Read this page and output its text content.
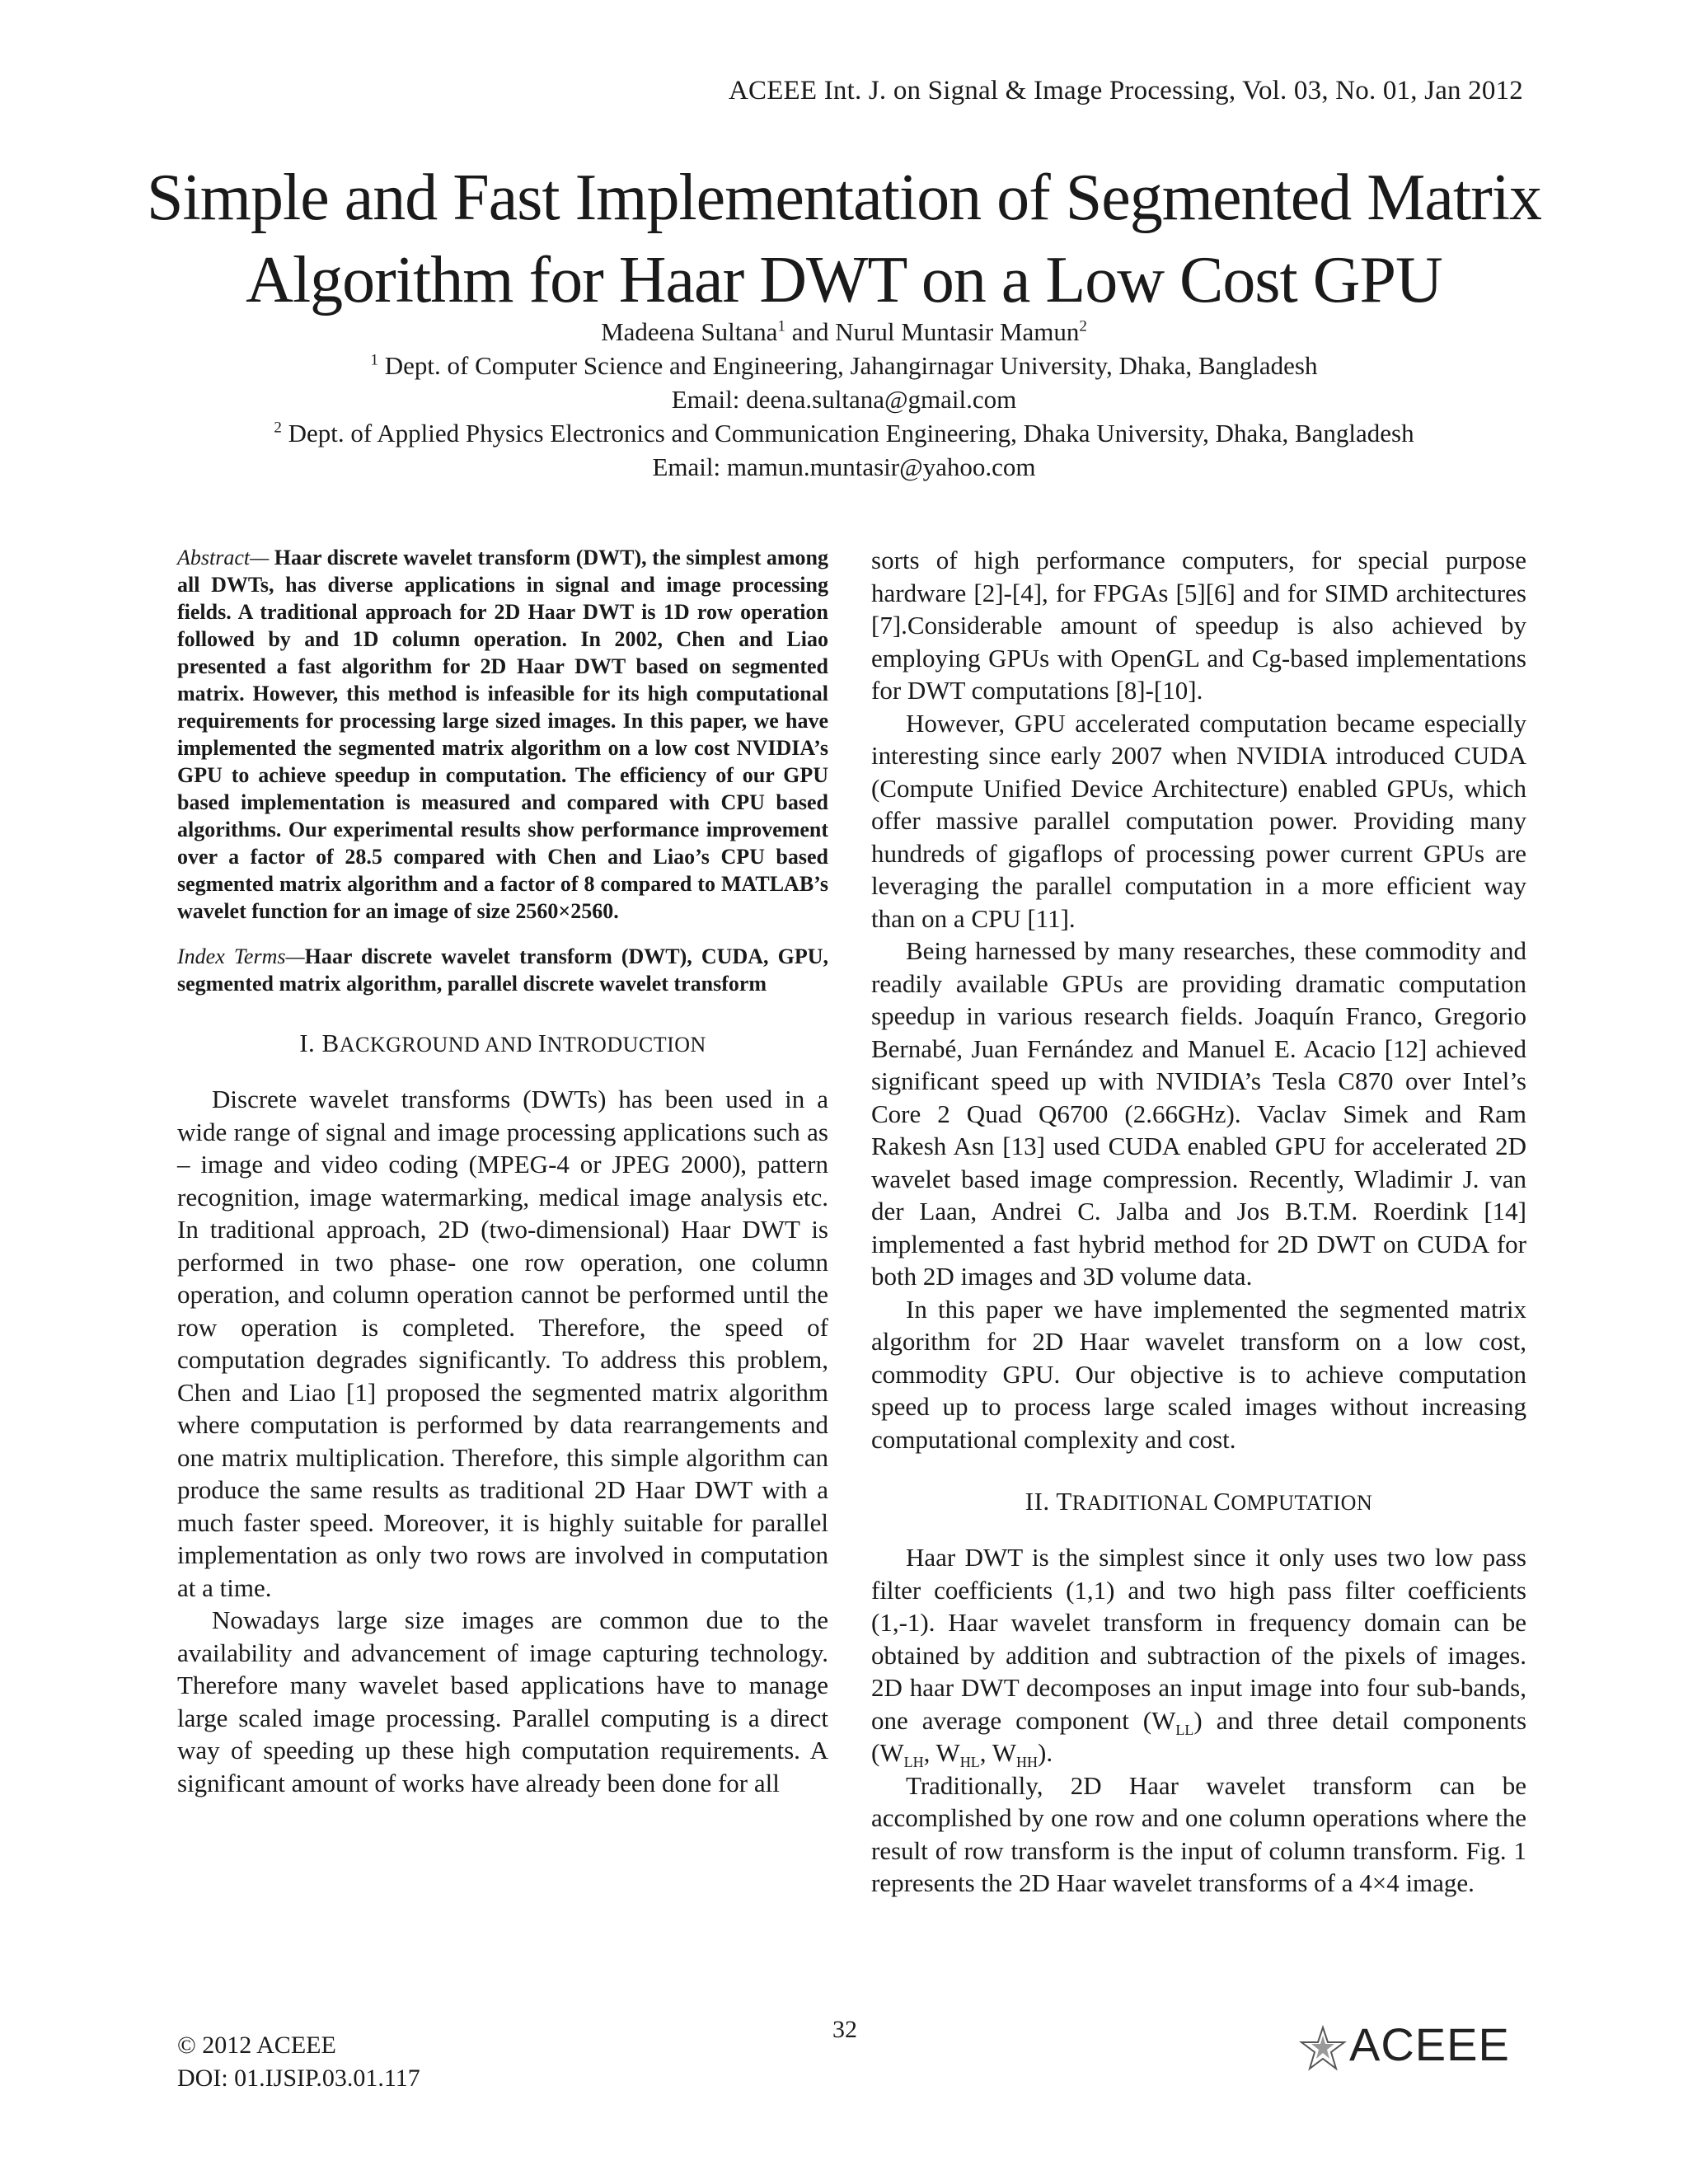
ACEEE Int. J. on Signal & Image Processing, Vol. 03, No. 01, Jan 2012
Simple and Fast Implementation of Segmented Matrix
Algorithm for Haar DWT on a Low Cost GPU
Madeena Sultana$^1$ and Nurul Muntasir Mamun$^2$
$^1$ Dept. of Computer Science and Engineering, Jahangirnagar University, Dhaka, Bangladesh
Email: deena.sultana@gmail.com
$^2$ Dept. of Applied Physics Electronics and Communication Engineering, Dhaka University, Dhaka, Bangladesh
Email: mamun.muntasir@yahoo.com
Abstract— Haar discrete wavelet transform (DWT), the simplest among all DWTs, has diverse applications in signal and image processing fields. A traditional approach for 2D Haar DWT is 1D row operation followed by and 1D column operation. In 2002, Chen and Liao presented a fast algorithm for 2D Haar DWT based on segmented matrix. However, this method is infeasible for its high computational requirements for processing large sized images. In this paper, we have implemented the segmented matrix algorithm on a low cost NVIDIA’s GPU to achieve speedup in computation. The efficiency of our GPU based implementation is measured and compared with CPU based algorithms. Our experimental results show performance improvement over a factor of 28.5 compared with Chen and Liao’s CPU based segmented matrix algorithm and a factor of 8 compared to MATLAB’s wavelet function for an image of size 2560×2560.
Index Terms—Haar discrete wavelet transform (DWT), CUDA, GPU, segmented matrix algorithm, parallel discrete wavelet transform
I. BACKGROUND AND INTRODUCTION

Discrete wavelet transforms (DWTs) has been used in a wide range of signal and image processing applications such as – image and video coding (MPEG-4 or JPEG 2000), pattern recognition, image watermarking, medical image analysis etc. In traditional approach, 2D (two-dimensional) Haar DWT is performed in two phase- one row operation, one column operation, and column operation cannot be performed until the row operation is completed. Therefore, the speed of computation degrades significantly. To address this problem, Chen and Liao [1] proposed the segmented matrix algorithm where computation is performed by data rearrangements and one matrix multiplication. Therefore, this simple algorithm can produce the same results as traditional 2D Haar DWT with a much faster speed. Moreover, it is highly suitable for parallel implementation as only two rows are involved in computation at a time.

Nowadays large size images are common due to the availability and advancement of image capturing technology. Therefore many wavelet based applications have to manage large scaled image processing. Parallel computing is a direct way of speeding up these high computation requirements. A significant amount of works have already been done for all

sorts of high performance computers, for special purpose hardware [2]-[4], for FPGAs [5][6] and for SIMD architectures [7].Considerable amount of speedup is also achieved by employing GPUs with OpenGL and Cg-based implementations for DWT computations [8]-[10].

However, GPU accelerated computation became especially interesting since early 2007 when NVIDIA introduced CUDA (Compute Unified Device Architecture) enabled GPUs, which offer massive parallel computation power. Providing many hundreds of gigaflops of processing power current GPUs are leveraging the parallel computation in a more efficient way than on a CPU [11].

Being harnessed by many researches, these commodity and readily available GPUs are providing dramatic computation speedup in various research fields. Joaquín Franco, Gregorio Bernabé, Juan Fernández and Manuel E. Acacio [12] achieved significant speed up with NVIDIA’s Tesla C870 over Intel’s Core 2 Quad Q6700 (2.66GHz). Vaclav Simek and Ram Rakesh Asn [13] used CUDA enabled GPU for accelerated 2D wavelet based image compression. Recently, Wladimir J. van der Laan, Andrei C. Jalba and Jos B.T.M. Roerdink [14] implemented a fast hybrid method for 2D DWT on CUDA for both 2D images and 3D volume data.

In this paper we have implemented the segmented matrix algorithm for 2D Haar wavelet transform on a low cost, commodity GPU. Our objective is to achieve computation speed up to process large scaled images without increasing computational complexity and cost.

II. TRADITIONAL COMPUTATION

Haar DWT is the simplest since it only uses two low pass filter coefficients (1,1) and two high pass filter coefficients (1,-1). Haar wavelet transform in frequency domain can be obtained by addition and subtraction of the pixels of images. 2D haar DWT decomposes an input image into four sub-bands, one average component $(W_{LL})$ and three detail components ($W_{LH}$, $W_{HL}$, $W_{HH}$).

Traditionally, 2D Haar wavelet transform can be accomplished by one row and one column operations where the result of row transform is the input of column transform. Fig. 1 represents the 2D Haar wavelet transforms of a 4×4 image.

© 2012 ACEEE
DOI: 01.IJSIP.03.01.117
32	ACEEE
